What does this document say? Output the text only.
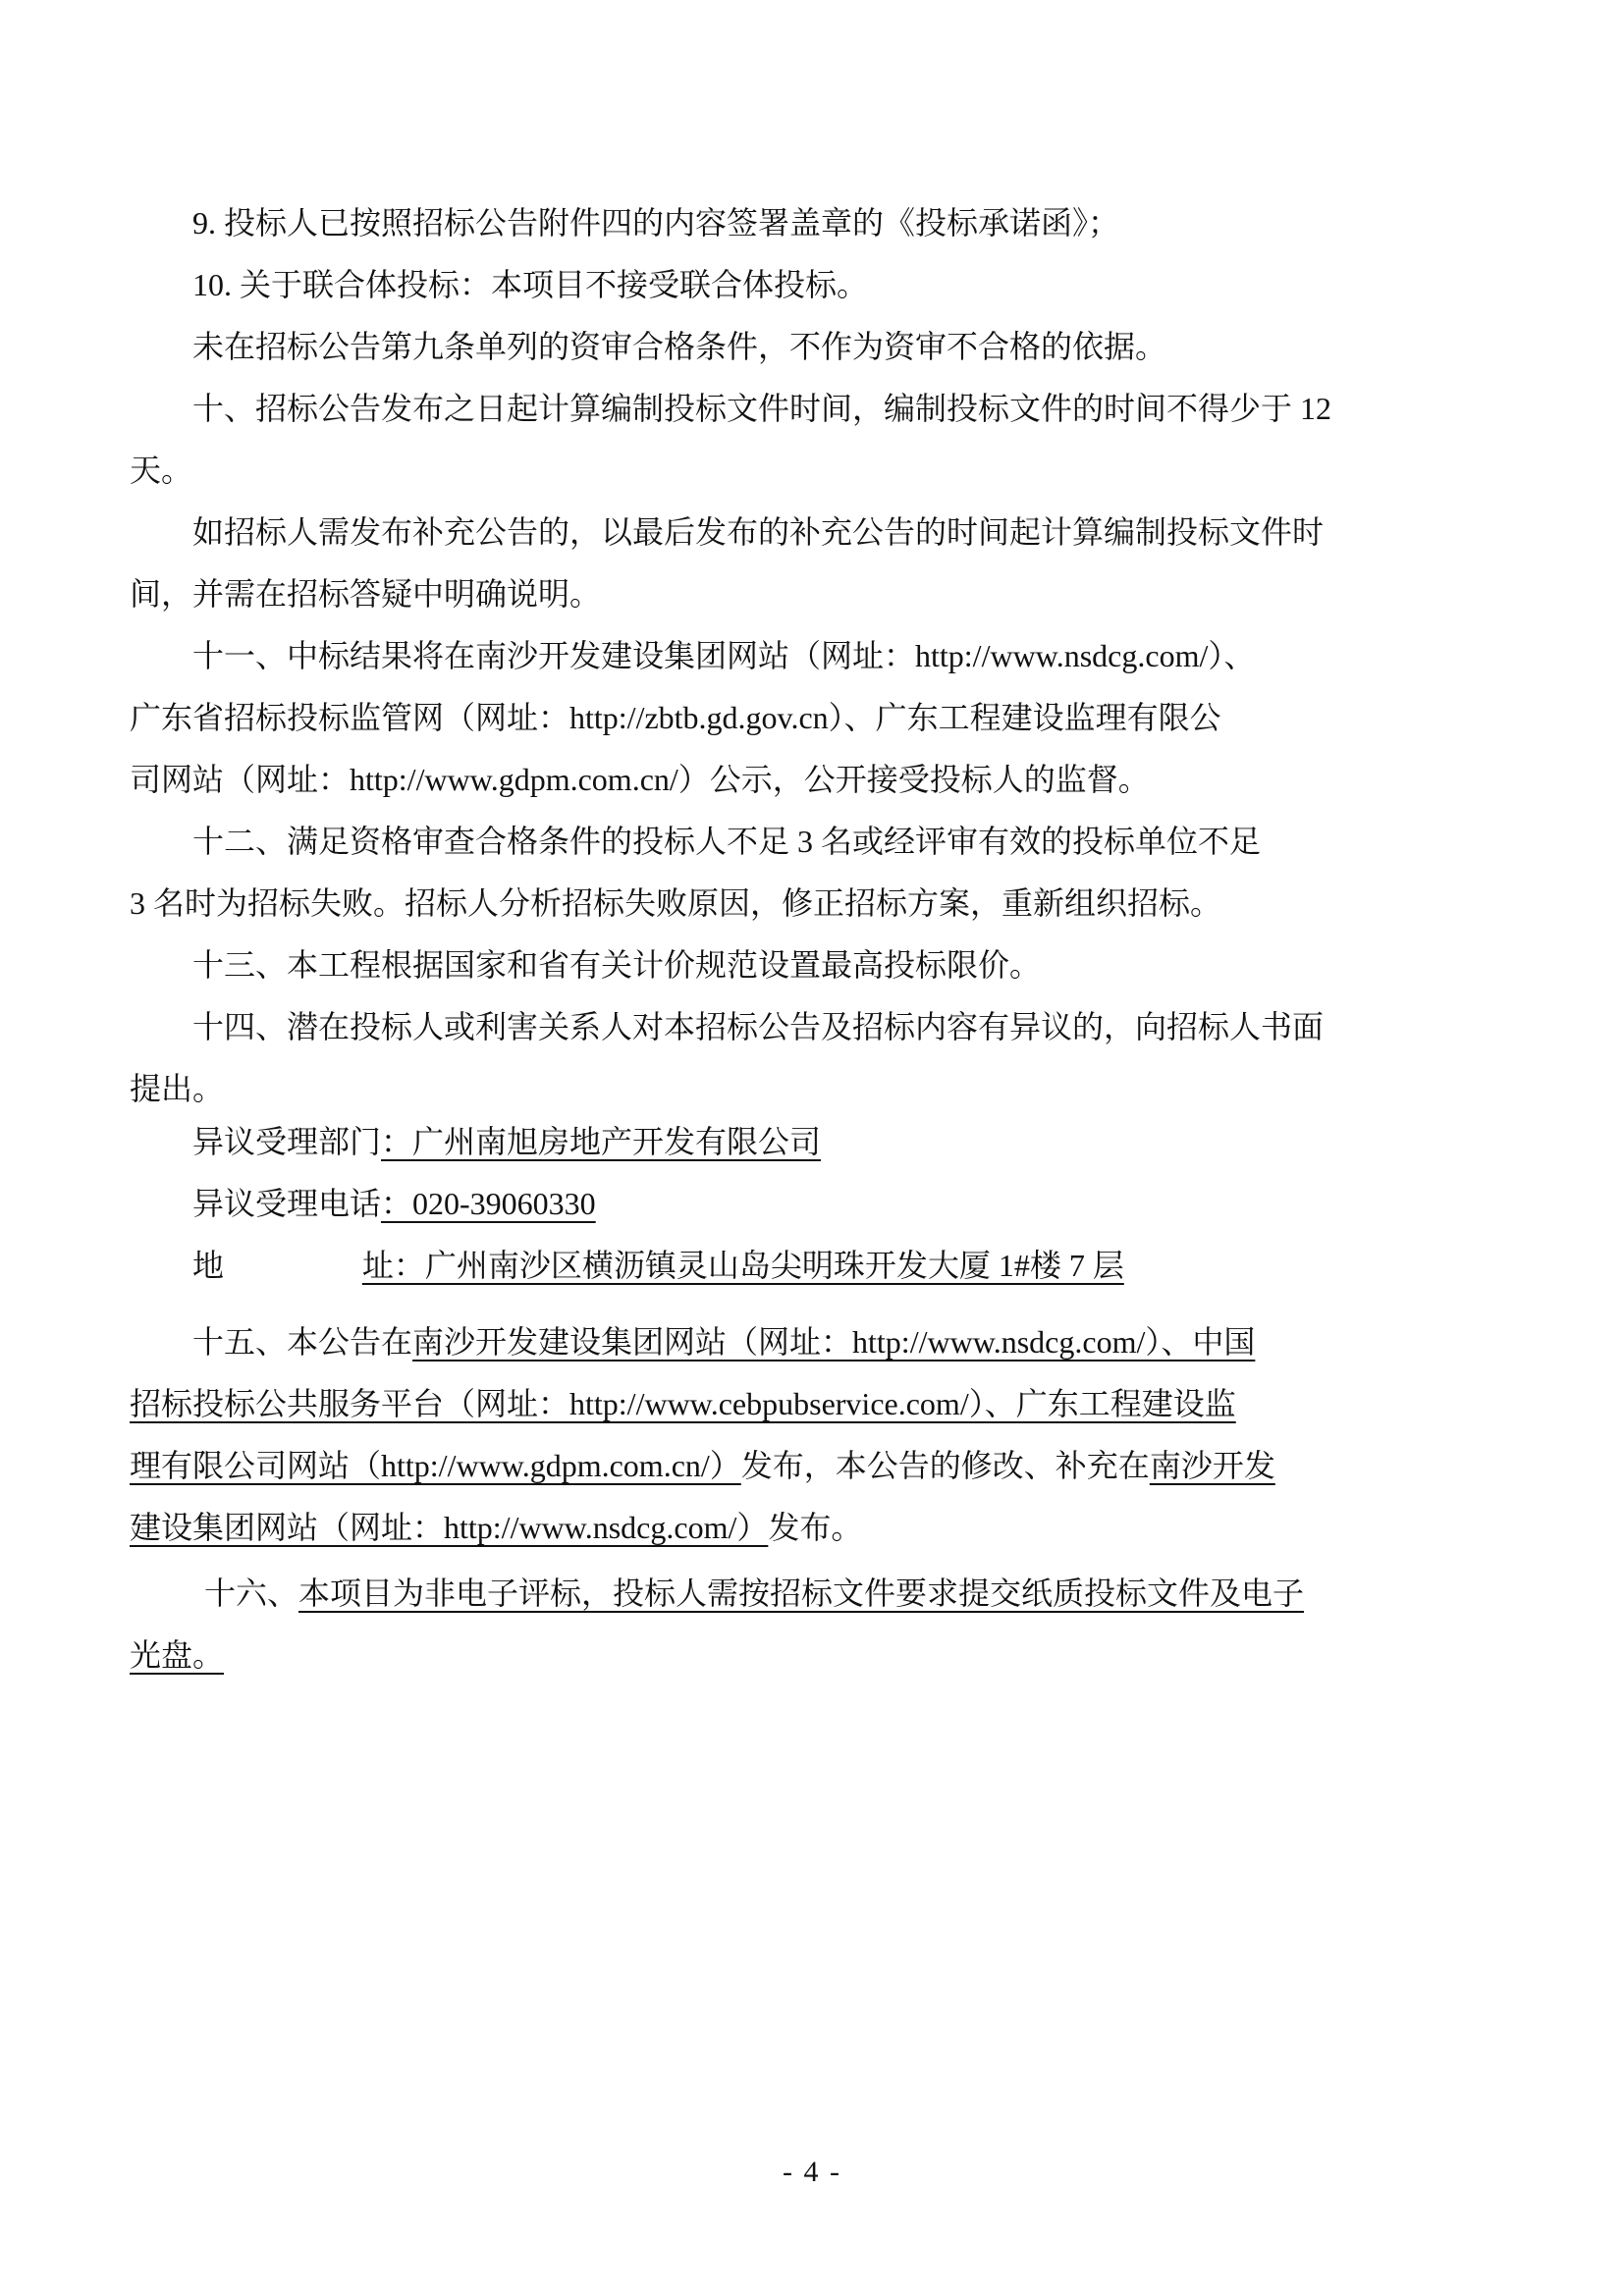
9. 投标人已按照招标公告附件四的内容签署盖章的《投标承诺函》；
10. 关于联合体投标：本项目不接受联合体投标。
未在招标公告第九条单列的资审合格条件，不作为资审不合格的依据。
十、招标公告发布之日起计算编制投标文件时间，编制投标文件的时间不得少于 12
天。
如招标人需发布补充公告的，以最后发布的补充公告的时间起计算编制投标文件时
间，并需在招标答疑中明确说明。
十一、中标结果将在南沙开发建设集团网站（网址：http://www.nsdcg.com/）、
广东省招标投标监管网（网址：http://zbtb.gd.gov.cn）、广东工程建设监理有限公
司网站（网址：http://www.gdpm.com.cn/）公示，公开接受投标人的监督。
十二、满足资格审查合格条件的投标人不足 3 名或经评审有效的投标单位不足
3 名时为招标失败。招标人分析招标失败原因，修正招标方案，重新组织招标。
十三、本工程根据国家和省有关计价规范设置最高投标限价。
十四、潜在投标人或利害关系人对本招标公告及招标内容有异议的，向招标人书面
提出。
异议受理部门：广州南旭房地产开发有限公司
异议受理电话：020-39060330
地	址：广州南沙区横沥镇灵山岛尖明珠开发大厦 1#楼 7 层
十五、本公告在南沙开发建设集团网站（网址：http://www.nsdcg.com/）、中国
招标投标公共服务平台（网址：http://www.cebpubservice.com/）、广东工程建设监
理有限公司网站（http://www.gdpm.com.cn/）发布，本公告的修改、补充在南沙开发
建设集团网站（网址：http://www.nsdcg.com/）发布。
十六、本项目为非电子评标，投标人需按招标文件要求提交纸质投标文件及电子
光盘。
- 4 -
